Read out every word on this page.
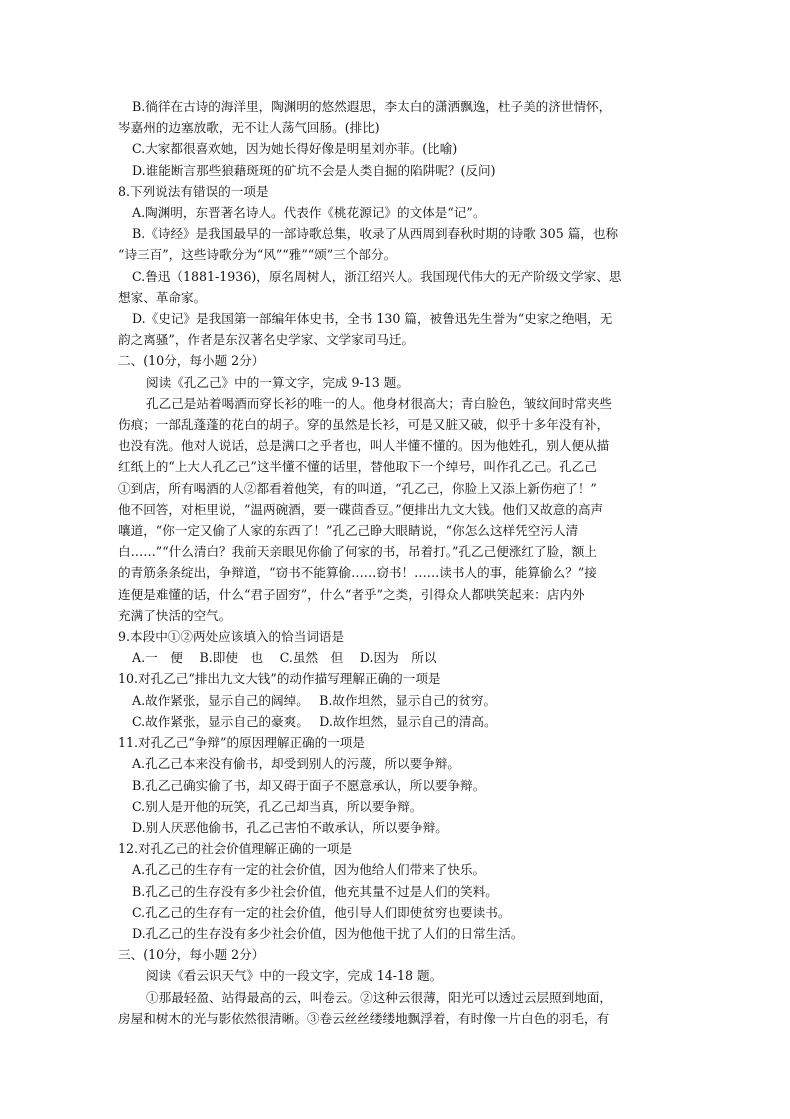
B.徜徉在古诗的海洋里，陶渊明的悠然遐思，李太白的潇洒飘逸，杜子美的济世情怀，
岑嘉州的边塞放歌，无不让人荡气回肠。(排比)
C.大家都很喜欢她，因为她长得好像是明星刘亦菲。(比喻)
D.谁能断言那些狼藉斑斑的矿坑不会是人类自掘的陷阱呢？(反问)
8.下列说法有错误的一项是
A.陶渊明，东晋著名诗人。代表作《桃花源记》的文体是“记”。
B.《诗经》是我国最早的一部诗歌总集，收录了从西周到春秋时期的诗歌 305 篇，也称
“诗三百”，这些诗歌分为“风”“雅”“颂”三个部分。
C.鲁迅（1881-1936)，原名周树人，浙江绍兴人。我国现代伟大的无产阶级文学家、思
想家、革命家。
D.《史记》是我国第一部编年体史书，全书 130 篇，被鲁迅先生誉为“史家之绝唱，无
韵之离骚”，作者是东汉著名史学家、文学家司马迁。
二、(10分，每小题 2分）
阅读《孔乙己》中的一算文字，完成 9-13 题。
孔乙己是站着喝酒而穿长衫的唯一的人。他身材很高大；青白脸色，皱纹间时常夹些
伤痕；一部乱蓬蓬的花白的胡子。穿的虽然是长衫，可是又脏又破，似乎十多年没有补，
也没有洗。他对人说话，总是满口之乎者也，叫人半懂不懂的。因为他姓孔，别人便从描
红纸上的“上大人孔乙己”这半懂不懂的话里，替他取下一个绰号，叫作孔乙己。孔乙己
①到店，所有喝酒的人②都看着他笑，有的叫道，“孔乙己，你脸上又添上新伤疤了！”
他不回答，对柜里说，“温两碗酒，要一碟茴香豆。”便排出九文大钱。他们又故意的高声
嚷道，“你一定又偷了人家的东西了！”孔乙己睁大眼睛说，“你怎么这样凭空污人清
白……”“什么清白？我前天亲眼见你偷了何家的书，吊着打。”孔乙己便涨红了脸，额上
的青筋条条绽出，争辩道，“窃书不能算偷……窃书！……读书人的事，能算偷么？”接
连便是难懂的话，什么“君子固穷”，什么“者乎”之类，引得众人都哄笑起来：店内外
充满了快活的空气。
9.本段中①②两处应该填入的恰当词语是
A.一　便　 B.即使　也　 C.虽然　但　 D.因为　所以
10.对孔乙己“排出九文大钱”的动作描写理解正确的一项是
A.故作紧张，显示自己的阔绰。　 B.故作坦然，显示自己的贫穷。
C.故作紧张，显示自己的豪爽。　 D.故作坦然，显示自己的清高。
11.对孔乙己“争辩”的原因理解正确的一项是
A.孔乙己本来没有偷书，却受到别人的污蔑，所以要争辩。
B.孔乙己确实偷了书，却又碍于面子不愿意承认，所以要争辩。
C.别人是开他的玩笑，孔乙己却当真，所以要争辩。
D.别人厌恶他偷书，孔乙己害怕不敢承认，所以要争辩。
12.对孔乙己的社会价值理解正确的一项是
A.孔乙己的生存有一定的社会价值，因为他给人们带来了快乐。
B.孔乙己的生存没有多少社会价值，他充其量不过是人们的笑料。
C.孔乙己的生存有一定的社会价值，他引导人们即使贫穷也要读书。
D.孔乙己的生存没有多少社会价值，因为他他干扰了人们的日常生活。
三、(10分，每小题 2分）
阅读《看云识天气》中的一段文字，完成 14-18 题。
①那最轻盈、站得最高的云，叫卷云。②这种云很薄，阳光可以透过云层照到地面，
房屋和树木的光与影依然很清晰。③卷云丝丝缕缕地飘浮着，有时像一片白色的羽毛，有
